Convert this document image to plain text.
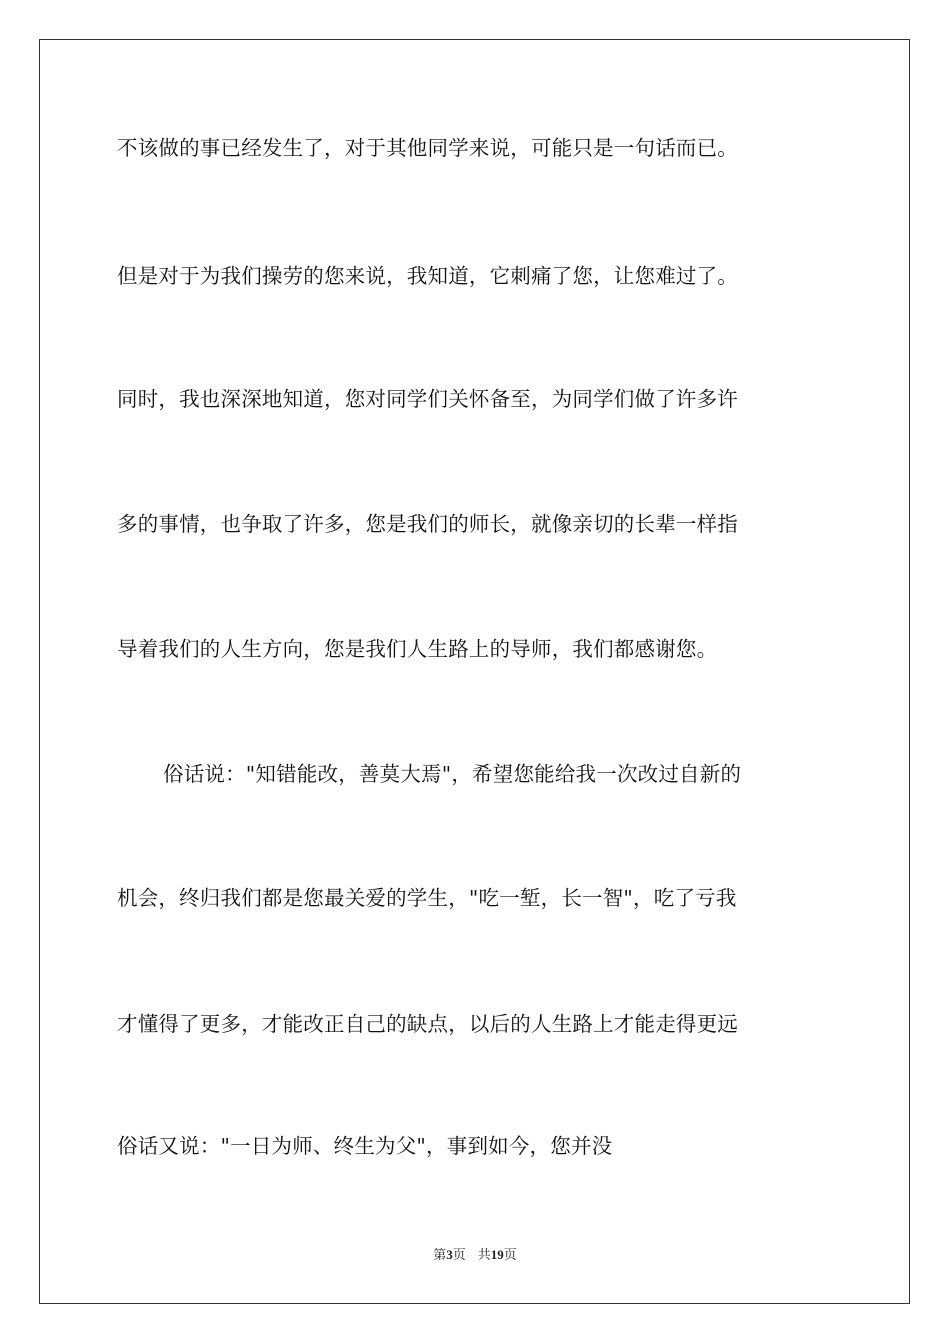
不该做的事已经发生了，对于其他同学来说，可能只是一句话而已。
但是对于为我们操劳的您来说，我知道，它刺痛了您，让您难过了。
同时，我也深深地知道，您对同学们关怀备至，为同学们做了许多许
多的事情，也争取了许多，您是我们的师长，就像亲切的长辈一样指
导着我们的人生方向，您是我们人生路上的导师，我们都感谢您。
俗话说："知错能改，善莫大焉"，希望您能给我一次改过自新的
机会，终归我们都是您最关爱的学生，"吃一堑，长一智"，吃了亏我
才懂得了更多，才能改正自己的缺点，以后的人生路上才能走得更远
俗话又说："一日为师、终生为父"，事到如今，您并没
第3页 共19页
